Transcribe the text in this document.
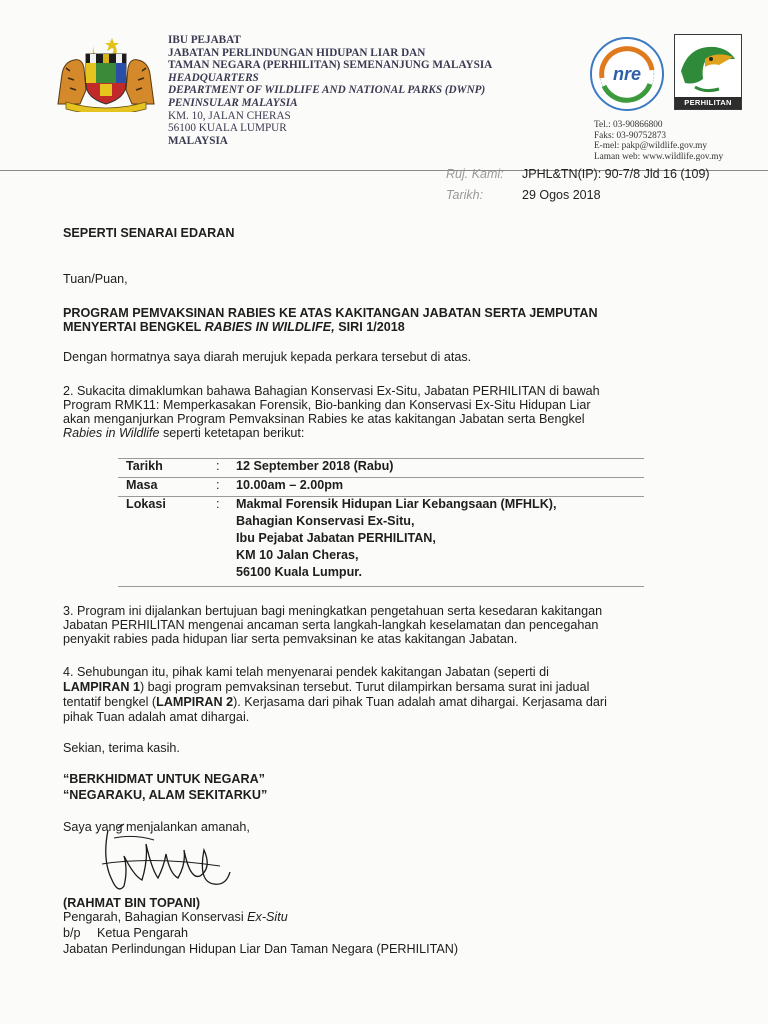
IBU PEJABAT
JABATAN PERLINDUNGAN HIDUPAN LIAR DAN
TAMAN NEGARA (PERHILITAN) SEMENANJUNG MALAYSIA
HEADQUARTERS
DEPARTMENT OF WILDLIFE AND NATIONAL PARKS (DWNP)
PENINSULAR MALAYSIA
KM. 10, JALAN CHERAS
56100 KUALA LUMPUR
MALAYSIA
nre
PERHILITAN
Tel.: 03-90866800
Faks: 03-90752873
E-mel: pakp@wildlife.gov.my
Laman web: www.wildlife.gov.my
Ruj. Kami: JPHL&TN(IP): 90-7/8 Jld 16 (109)
Tarikh:	29 Ogos 2018
SEPERTI SENARAI EDARAN
Tuan/Puan,
PROGRAM PEMVAKSINAN RABIES KE ATAS KAKITANGAN JABATAN SERTA JEMPUTAN
MENYERTAI BENGKEL RABIES IN WILDLIFE, SIRI 1/2018
Dengan hormatnya saya diarah merujuk kepada perkara tersebut di atas.
2. Sukacita dimaklumkan bahawa Bahagian Konservasi Ex-Situ, Jabatan PERHILITAN di bawah
Program RMK11: Memperkasakan Forensik, Bio-banking dan Konservasi Ex-Situ Hidupan Liar
akan menganjurkan Program Pemvaksinan Rabies ke atas kakitangan Jabatan serta Bengkel
Rabies in Wildlife seperti ketetapan berikut:
Tarikh	: 12 September 2018 (Rabu)
Masa	: 10.00am – 2.00pm
Lokasi	: Makmal Forensik Hidupan Liar Kebangsaan (MFHLK),
Bahagian Konservasi Ex-Situ,
Ibu Pejabat Jabatan PERHILITAN,
KM 10 Jalan Cheras,
56100 Kuala Lumpur.
3. Program ini dijalankan bertujuan bagi meningkatkan pengetahuan serta kesedaran kakitangan
Jabatan PERHILITAN mengenai ancaman serta langkah-langkah keselamatan dan pencegahan
penyakit rabies pada hidupan liar serta pemvaksinan ke atas kakitangan Jabatan.
4. Sehubungan itu, pihak kami telah menyenarai pendek kakitangan Jabatan (seperti di
LAMPIRAN 1) bagi program pemvaksinan tersebut. Turut dilampirkan bersama surat ini jadual
tentatif bengkel (LAMPIRAN 2). Kerjasama dari pihak Tuan adalah amat dihargai. Kerjasama dari
pihak Tuan adalah amat dihargai.
Sekian, terima kasih.
“BERKHIDMAT UNTUK NEGARA”
“NEGARAKU, ALAM SEKITARKU”
Saya yang menjalankan amanah,
(RAHMAT BIN TOPANI)
Pengarah, Bahagian Konservasi Ex-Situ
b/p Ketua Pengarah
Jabatan Perlindungan Hidupan Liar Dan Taman Negara (PERHILITAN)
